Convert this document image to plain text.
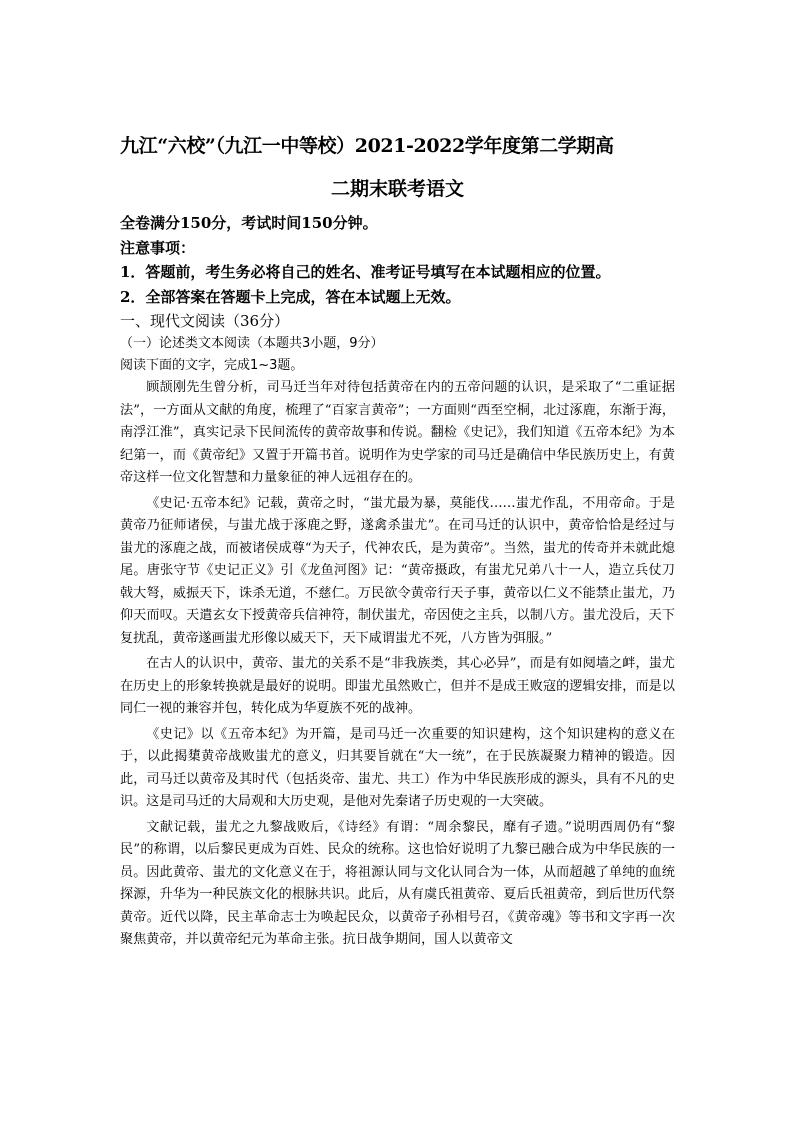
九江“六校”（九江一中等校）2021-2022学年度第二学期高
二期末联考语文

全卷满分150分，考试时间150分钟。

注意事项：

1．答题前，考生务必将自己的姓名、准考证号填写在本试题相应的位置。

2．全部答案在答题卡上完成，答在本试题上无效。

一、现代文阅读（36分）

（一）论述类文本阅读（本题共3小题，9分）

阅读下面的文字，完成1~3题。

顾颉刚先生曾分析，司马迁当年对待包括黄帝在内的五帝问题的认识，是采取了“二重证据法”，一方面从文献的角度，梳理了“百家言黄帝”；一方面则“西至空桐，北过涿鹿，东渐于海，南浮江淮”，真实记录下民间流传的黄帝故事和传说。翻检《史记》，我们知道《五帝本纪》为本纪第一，而《黄帝纪》又置于开篇书首。说明作为史学家的司马迁是确信中华民族历史上，有黄帝这样一位文化智慧和力量象征的神人远祖存在的。

《史记·五帝本纪》记载，黄帝之时，“蚩尤最为暴，莫能伐……蚩尤作乱，不用帝命。于是黄帝乃征师诸侯，与蚩尤战于涿鹿之野，遂禽杀蚩尤”。在司马迁的认识中，黄帝恰恰是经过与蚩尤的涿鹿之战，而被诸侯成尊“为天子，代神农氏，是为黄帝”。当然，蚩尤的传奇并未就此熄尾。唐张守节《史记正义》引《龙鱼河图》记：“黄帝摄政，有蚩尤兄弟八十一人，造立兵仗刀戟大弩，威振天下，诛杀无道，不慈仁。万民欲令黄帝行天子事，黄帝以仁义不能禁止蚩尤，乃仰天而叹。天遣玄女下授黄帝兵信神符，制伏蚩尤，帝因使之主兵，以制八方。蚩尤没后，天下复扰乱，黄帝遂画蚩尤形像以威天下，天下咸谓蚩尤不死，八方皆为弭服。”

在古人的认识中，黄帝、蚩尤的关系不是“非我族类，其心必异”，而是有如阋墙之衅，蚩尤在历史上的形象转换就是最好的说明。即蚩尤虽然败亡，但并不是成王败寇的逻辑安排，而是以同仁一视的兼容并包，转化成为华夏族不死的战神。

《史记》以《五帝本纪》为开篇，是司马迁一次重要的知识建构，这个知识建构的意义在于，以此揭橥黄帝战败蚩尤的意义，归其要旨就在“大一统”，在于民族凝聚力精神的锻造。因此，司马迁以黄帝及其时代（包括炎帝、蚩尤、共工）作为中华民族形成的源头，具有不凡的史识。这是司马迁的大局观和大历史观，是他对先秦诸子历史观的一大突破。

文献记载，蚩尤之九黎战败后，《诗经》有谓：“周余黎民，靡有孑遗。”说明西周仍有“黎民”的称谓，以后黎民更成为百姓、民众的统称。这也恰好说明了九黎已融合成为中华民族的一员。因此黄帝、蚩尤的文化意义在于，将祖源认同与文化认同合为一体，从而超越了单纯的血统探源，升华为一种民族文化的根脉共识。此后，从有虞氏祖黄帝、夏后氏祖黄帝，到后世历代祭黄帝。近代以降，民主革命志士为唤起民众，以黄帝子孙相号召，《黄帝魂》等书和文字再一次聚焦黄帝，并以黄帝纪元为革命主张。抗日战争期间，国人以黄帝文
